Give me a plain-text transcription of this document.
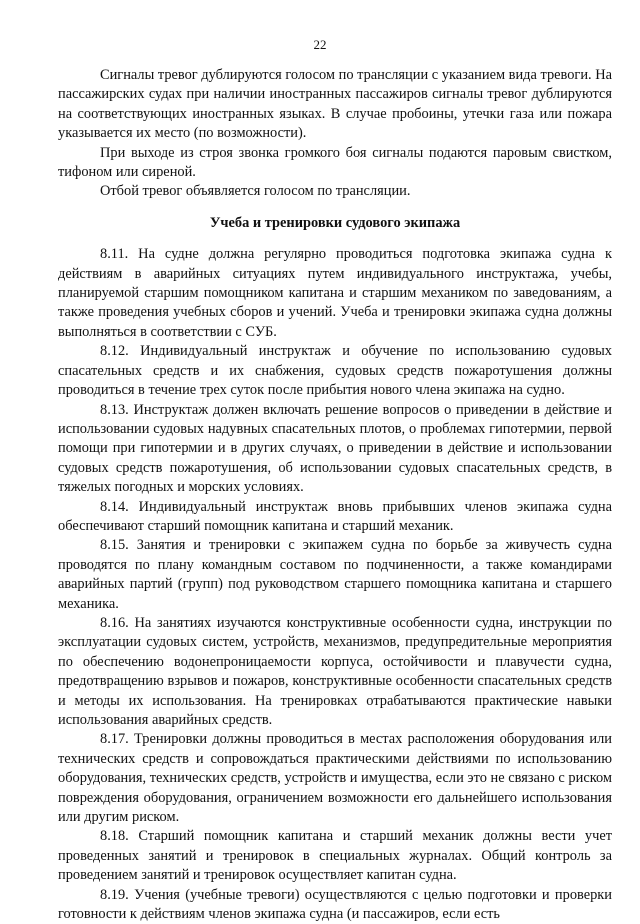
22

Сигналы тревог дублируются голосом по трансляции с указанием вида тревоги. На пассажирских судах при наличии иностранных пассажиров сигналы тревог дублируются на соответствующих иностранных языках. В случае пробоины, утечки газа или пожара указывается их место (по возможности).

При выходе из строя звонка громкого боя сигналы подаются паровым свистком, тифоном или сиреной.

Отбой тревог объявляется голосом по трансляции.

Учеба и тренировки судового экипажа

8.11. На судне должна регулярно проводиться подготовка экипажа судна к действиям в аварийных ситуациях путем индивидуального инструктажа, учебы, планируемой старшим помощником капитана и старшим механиком по заведованиям, а также проведения учебных сборов и учений. Учеба и тренировки экипажа судна должны выполняться в соответствии с СУБ.

8.12. Индивидуальный инструктаж и обучение по использованию судовых спасательных средств и их снабжения, судовых средств пожаротушения должны проводиться в течение трех суток после прибытия нового члена экипажа на судно.

8.13. Инструктаж должен включать решение вопросов о приведении в действие и использовании судовых надувных спасательных плотов, о проблемах гипотермии, первой помощи при гипотермии и в других случаях, о приведении в действие и использовании судовых средств пожаротушения, об использовании судовых спасательных средств, в тяжелых погодных и морских условиях.

8.14. Индивидуальный инструктаж вновь прибывших членов экипажа судна обеспечивают старший помощник капитана и старший механик.

8.15. Занятия и тренировки с экипажем судна по борьбе за живучесть судна проводятся по плану командным составом по подчиненности, а также командирами аварийных партий (групп) под руководством старшего помощника капитана и старшего механика.

8.16. На занятиях изучаются конструктивные особенности судна, инструкции по эксплуатации судовых систем, устройств, механизмов, предупредительные мероприятия по обеспечению водонепроницаемости корпуса, остойчивости и плавучести судна, предотвращению взрывов и пожаров, конструктивные особенности спасательных средств и методы их использования. На тренировках отрабатываются практические навыки использования аварийных средств.

8.17. Тренировки должны проводиться в местах расположения оборудования или технических средств и сопровождаться практическими действиями по использованию оборудования, технических средств, устройств и имущества, если это не связано с риском повреждения оборудования, ограничением возможности его дальнейшего использования или другим риском.

8.18. Старший помощник капитана и старший механик должны вести учет проведенных занятий и тренировок в специальных журналах. Общий контроль за проведением занятий и тренировок осуществляет капитан судна.

8.19. Учения (учебные тревоги) осуществляются с целью подготовки и проверки готовности к действиям членов экипажа судна (и пассажиров, если есть
